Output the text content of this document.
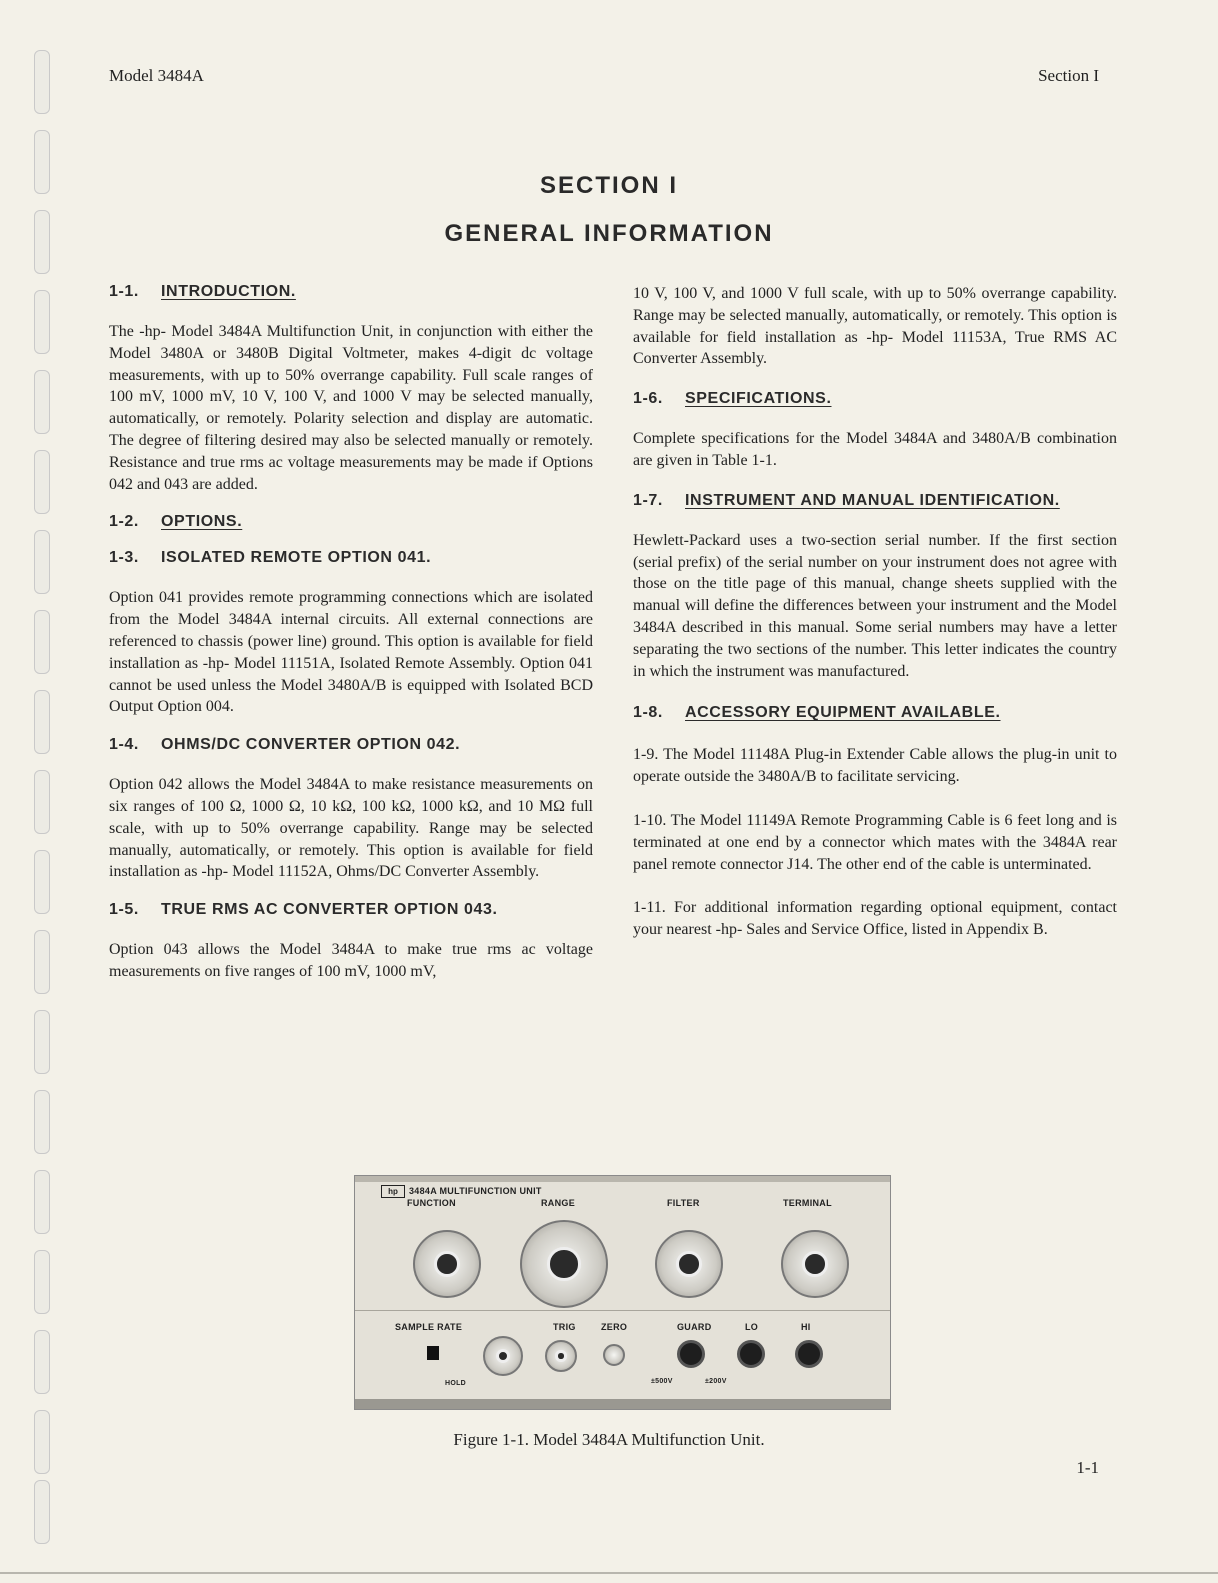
Model 3484A	Section I
SECTION I
GENERAL INFORMATION
1-1. INTRODUCTION.

The -hp- Model 3484A Multifunction Unit, in conjunction with either the Model 3480A or 3480B Digital Voltmeter, makes 4-digit dc voltage measurements, with up to 50% overrange capability. Full scale ranges of 100 mV, 1000 mV, 10 V, 100 V, and 1000 V may be selected manually, automatically, or remotely. Polarity selection and display are automatic. The degree of filtering desired may also be selected manually or remotely. Resistance and true rms ac voltage measurements may be made if Options 042 and 043 are added.

1-2. OPTIONS.
1-3. ISOLATED REMOTE OPTION 041.

Option 041 provides remote programming connections which are isolated from the Model 3484A internal circuits. All external connections are referenced to chassis (power line) ground. This option is available for field installation as -hp- Model 11151A, Isolated Remote Assembly. Option 041 cannot be used unless the Model 3480A/B is equipped with Isolated BCD Output Option 004.

1-4. OHMS/DC CONVERTER OPTION 042.

Option 042 allows the Model 3484A to make resistance measurements on six ranges of 100 Ω, 1000 Ω, 10 kΩ, 100 kΩ, 1000 kΩ, and 10 MΩ full scale, with up to 50% overrange capability. Range may be selected manually, automatically, or remotely. This option is available for field installation as -hp- Model 11152A, Ohms/DC Converter Assembly.

1-5. TRUE RMS AC CONVERTER OPTION 043.

Option 043 allows the Model 3484A to make true rms ac voltage measurements on five ranges of 100 mV, 1000 mV,

10 V, 100 V, and 1000 V full scale, with up to 50% overrange capability. Range may be selected manually, automatically, or remotely. This option is available for field installation as -hp- Model 11153A, True RMS AC Converter Assembly.

1-6. SPECIFICATIONS.

Complete specifications for the Model 3484A and 3480A/B combination are given in Table 1-1.

1-7. INSTRUMENT AND MANUAL IDENTIFICATION.

Hewlett-Packard uses a two-section serial number. If the first section (serial prefix) of the serial number on your instrument does not agree with those on the title page of this manual, change sheets supplied with the manual will define the differences between your instrument and the Model 3484A described in this manual. Some serial numbers may have a letter separating the two sections of the number. This letter indicates the country in which the instrument was manufactured.

1-8. ACCESSORY EQUIPMENT AVAILABLE.

1-9. The Model 11148A Plug-in Extender Cable allows the plug-in unit to operate outside the 3480A/B to facilitate servicing.

1-10. The Model 11149A Remote Programming Cable is 6 feet long and is terminated at one end by a connector which mates with the 3484A rear panel remote connector J14. The other end of the cable is unterminated.

1-11. For additional information regarding optional equipment, contact your nearest -hp- Sales and Service Office, listed in Appendix B.

hp	3484A MULTIFUNCTION UNIT
FUNCTION	RANGE	FILTER	TERMINAL
SAMPLE RATE	TRIG	ZERO	GUARD	LO	HI
HOLD	±500V	±200V
Figure 1-1. Model 3484A Multifunction Unit.
1-1
